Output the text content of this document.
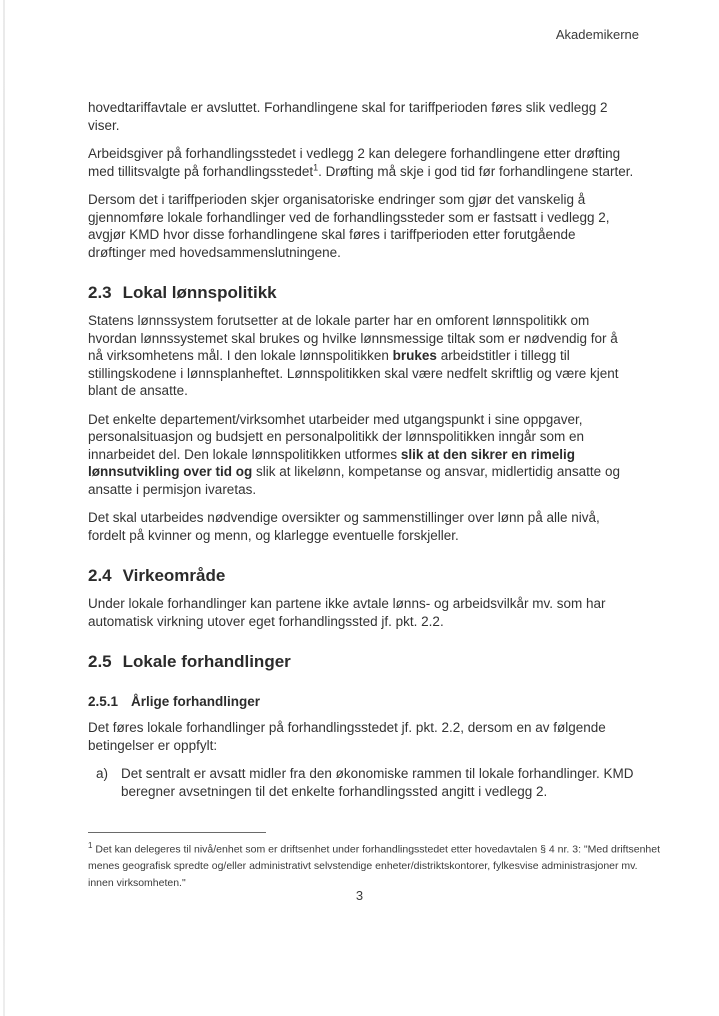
Akademikerne

hovedtariffavtale er avsluttet. Forhandlingene skal for tariffperioden føres slik vedlegg 2 viser.

Arbeidsgiver på forhandlingsstedet i vedlegg 2 kan delegere forhandlingene etter drøfting med tillitsvalgte på forhandlingsstedet$^1$. Drøfting må skje i god tid før forhandlingene starter.

Dersom det i tariffperioden skjer organisatoriske endringer som gjør det vanskelig å gjennomføre lokale forhandlinger ved de forhandlingssteder som er fastsatt i vedlegg 2, avgjør KMD hvor disse forhandlingene skal føres i tariffperioden etter forutgående drøftinger med hovedsammenslutningene.

2.3 Lokal lønnspolitikk

Statens lønnssystem forutsetter at de lokale parter har en omforent lønnspolitikk om hvordan lønnssystemet skal brukes og hvilke lønnsmessige tiltak som er nødvendig for å nå virksomhetens mål. I den lokale lønnspolitikken brukes arbeidstitler i tillegg til stillingskodene i lønnsplanheftet. Lønnspolitikken skal være nedfelt skriftlig og være kjent blant de ansatte.

Det enkelte departement/virksomhet utarbeider med utgangspunkt i sine oppgaver, personalsituasjon og budsjett en personalpolitikk der lønnspolitikken inngår som en innarbeidet del. Den lokale lønnspolitikken utformes slik at den sikrer en rimelig lønnsutvikling over tid og slik at likelønn, kompetanse og ansvar, midlertidig ansatte og ansatte i permisjon ivaretas.

Det skal utarbeides nødvendige oversikter og sammenstillinger over lønn på alle nivå, fordelt på kvinner og menn, og klarlegge eventuelle forskjeller.

2.4 Virkeområde

Under lokale forhandlinger kan partene ikke avtale lønns- og arbeidsvilkår mv. som har automatisk virkning utover eget forhandlingssted jf. pkt. 2.2.

2.5 Lokale forhandlinger
2.5.1 Årlige forhandlinger

Det føres lokale forhandlinger på forhandlingsstedet jf. pkt. 2.2, dersom en av følgende betingelser er oppfylt:

a) Det sentralt er avsatt midler fra den økonomiske rammen til lokale forhandlinger. KMD beregner avsetningen til det enkelte forhandlingssted angitt i vedlegg 2.
$^1$ Det kan delegeres til nivå/enhet som er driftsenhet under forhandlingsstedet etter hovedavtalen § 4 nr. 3: "Med driftsenhet menes geografisk spredte og/eller administrativt selvstendige enheter/distriktskontorer, fylkesvise administrasjoner mv. innen virksomheten."
3
